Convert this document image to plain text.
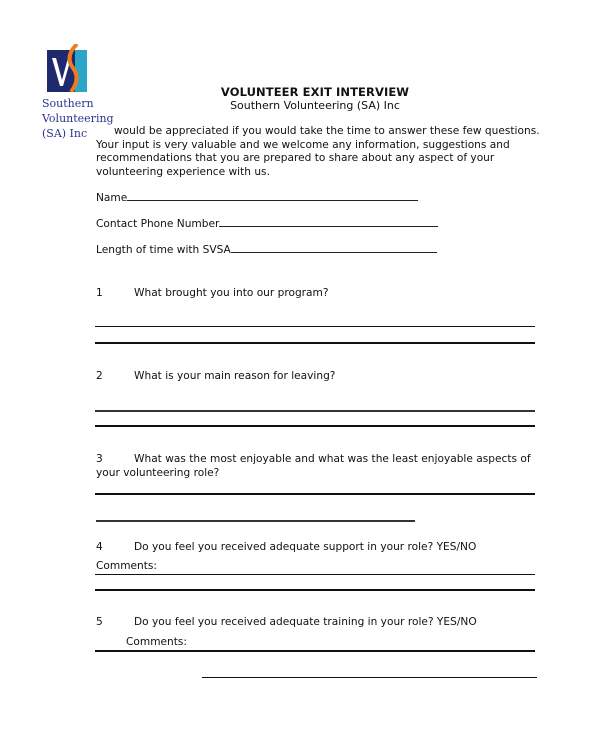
Southern
Volunteering
(SA) Inc
VOLUNTEER EXIT INTERVIEW
Southern Volunteering (SA) Inc
would be appreciated if you would take the time to answer these few questions.
Your input is very valuable and we welcome any information, suggestions and recommendations that you are prepared to share about any aspect of your volunteering experience with us.
Name
Contact Phone Number
Length of time with SVSA
1	What brought you into our program?
2	What is your main reason for leaving?
3	What was the most enjoyable and what was the least enjoyable aspects of
your volunteering role?
4	Do you feel you received adequate support in your role? YES/NO
Comments:
5	Do you feel you received adequate training in your role? YES/NO
Comments:
